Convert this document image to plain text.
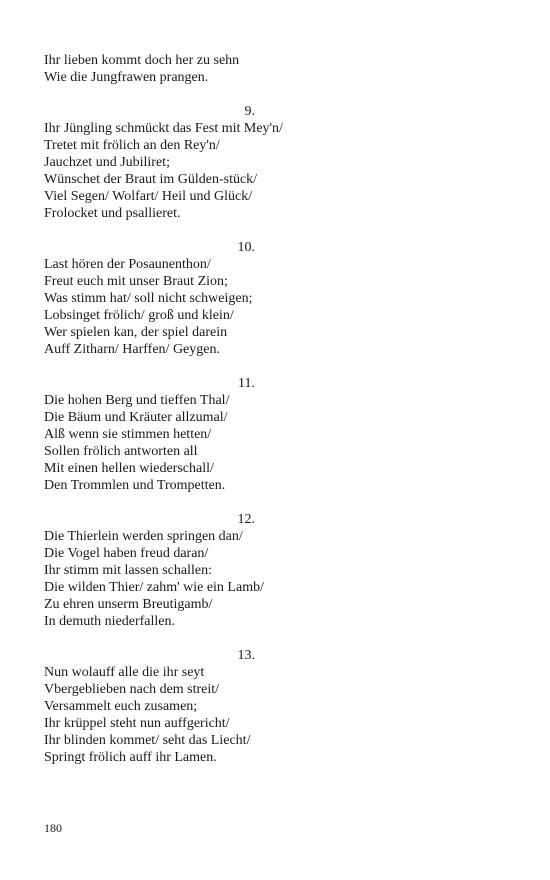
Ihr lieben kommt doch her zu sehn
Wie die Jungfrawen prangen.
9.
Ihr Jüngling schmückt das Fest mit Mey'n/
Tretet mit frölich an den Rey'n/
Jauchzet und Jubiliret;
Wünschet der Braut im Gülden-stück/
Viel Segen/ Wolfart/ Heil und Glück/
Frolocket und psallieret.
10.
Last hören der Posaunenthon/
Freut euch mit unser Braut Zion;
Was stimm hat/ soll nicht schweigen;
Lobsinget frölich/ groß und klein/
Wer spielen kan, der spiel darein
Auff Zitharn/ Harffen/ Geygen.
11.
Die hohen Berg und tieffen Thal/
Die Bäum und Kräuter allzumal/
Alß wenn sie stimmen hetten/
Sollen frölich antworten all
Mit einen hellen wiederschall/
Den Trommlen und Trompetten.
12.
Die Thierlein werden springen dan/
Die Vogel haben freud daran/
Ihr stimm mit lassen schallen:
Die wilden Thier/ zahm' wie ein Lamb/
Zu ehren unserm Breutigamb/
In demuth niederfallen.
13.
Nun wolauff alle die ihr seyt
Vbergeblieben nach dem streit/
Versammelt euch zusamen;
Ihr krüppel steht nun auffgericht/
Ihr blinden kommet/ seht das Liecht/
Springt frölich auff ihr Lamen.
180
